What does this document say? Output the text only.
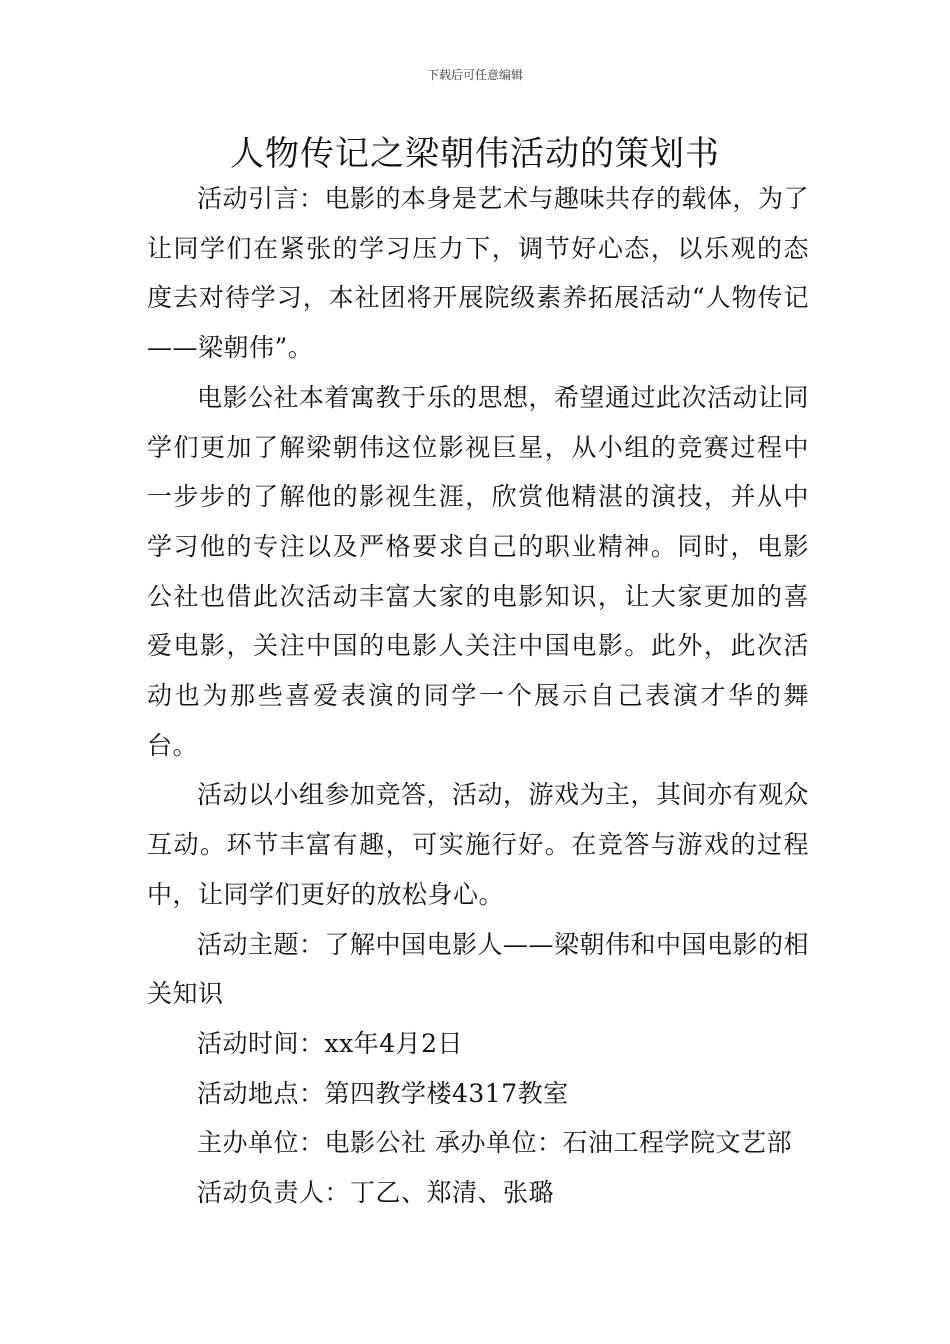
下载后可任意编辑
人物传记之梁朝伟活动的策划书

活动引言：电影的本身是艺术与趣味共存的载体，为了让同学们在紧张的学习压力下，调节好心态，以乐观的态度去对待学习，本社团将开展院级素养拓展活动“人物传记——梁朝伟”。

电影公社本着寓教于乐的思想，希望通过此次活动让同学们更加了解梁朝伟这位影视巨星，从小组的竞赛过程中一步步的了解他的影视生涯，欣赏他精湛的演技，并从中学习他的专注以及严格要求自己的职业精神。同时，电影公社也借此次活动丰富大家的电影知识，让大家更加的喜爱电影，关注中国的电影人关注中国电影。此外，此次活动也为那些喜爱表演的同学一个展示自己表演才华的舞台。

活动以小组参加竞答，活动，游戏为主，其间亦有观众互动。环节丰富有趣，可实施行好。在竞答与游戏的过程中，让同学们更好的放松身心。

活动主题：了解中国电影人——梁朝伟和中国电影的相关知识

活动时间：xx年4月2日

活动地点：第四教学楼4317教室

主办单位：电影公社 承办单位：石油工程学院文艺部

活动负责人：丁乙、郑清、张璐
